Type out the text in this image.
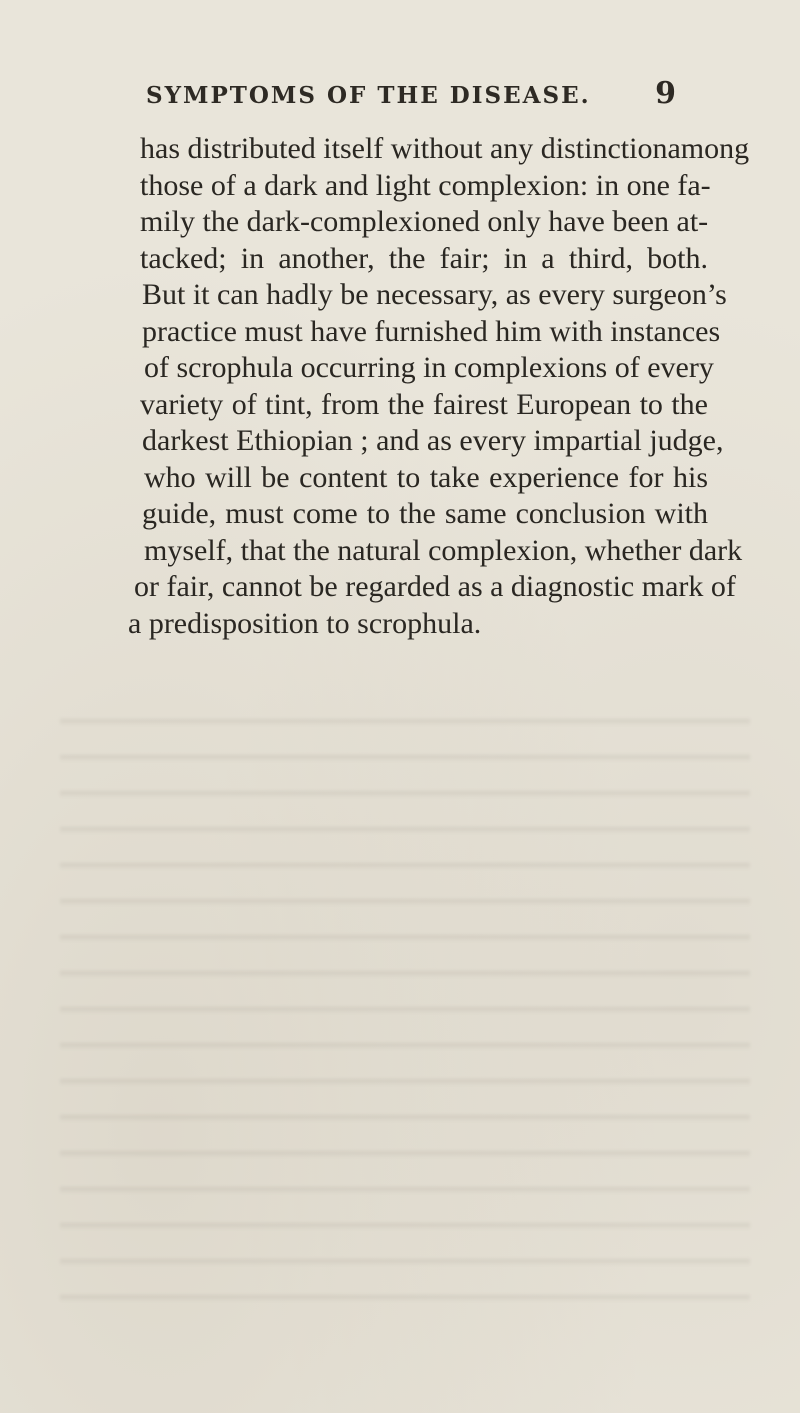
SYMPTOMS OF THE DISEASE. 9
has distributed itself without any distinctionamong
those of a dark and light complexion: in one fa-
mily the dark-complexioned only have been at-
tacked; in another, the fair; in a third, both.
But it can hadly be necessary, as every surgeon’s
practice must have furnished him with instances
of scrophula occurring in complexions of every
variety of tint, from the fairest European to the
darkest Ethiopian ; and as every impartial judge,
who will be content to take experience for his
guide, must come to the same conclusion with
myself, that the natural complexion, whether dark
or fair, cannot be regarded as a diagnostic mark of
a predisposition to scrophula.
